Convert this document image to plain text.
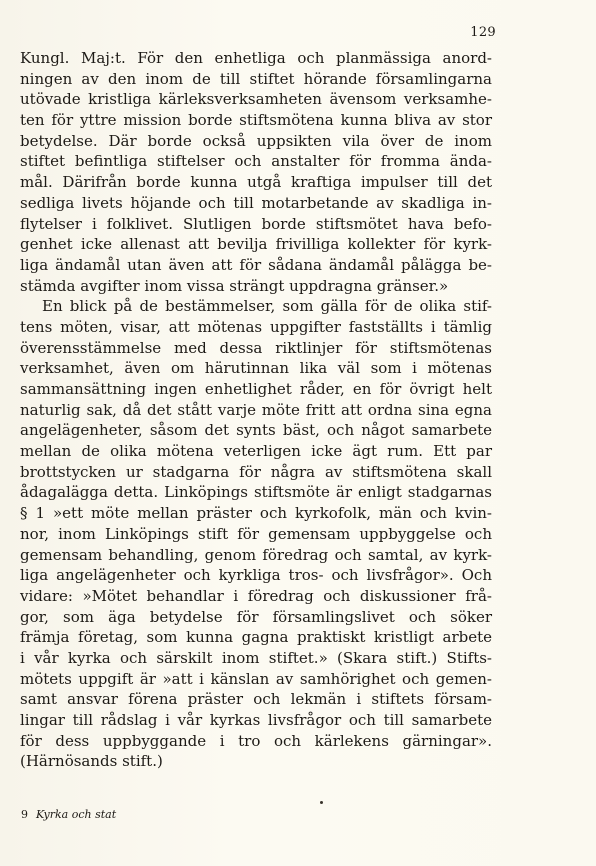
129
Kungl. Maj:t. För den enhetliga och planmässiga anord-
ningen av den inom de till stiftet hörande församlingarna
utövade kristliga kärleksverksamheten ävensom verksamhe-
ten för yttre mission borde stiftsmötena kunna bliva av stor
betydelse. Där borde också uppsikten vila över de inom
stiftet befintliga stiftelser och anstalter för fromma ända-
mål. Därifrån borde kunna utgå kraftiga impulser till det
sedliga livets höjande och till motarbetande av skadliga in-
flytelser i folklivet. Slutligen borde stiftsmötet hava befo-
genhet icke allenast att bevilja frivilliga kollekter för kyrk-
liga ändamål utan även att för sådana ändamål pålägga be-
stämda avgifter inom vissa strängt uppdragna gränser.»
En blick på de bestämmelser, som gälla för de olika stif-
tens möten, visar, att mötenas uppgifter fastställts i tämlig
överensstämmelse med dessa riktlinjer för stiftsmötenas
verksamhet, även om härutinnan lika väl som i mötenas
sammansättning ingen enhetlighet råder, en för övrigt helt
naturlig sak, då det stått varje möte fritt att ordna sina egna
angelägenheter, såsom det synts bäst, och något samarbete
mellan de olika mötena veterligen icke ägt rum. Ett par
brottstycken ur stadgarna för några av stiftsmötena skall
ådagalägga detta. Linköpings stiftsmöte är enligt stadgarnas
§ 1 »ett möte mellan präster och kyrkofolk, män och kvin-
nor, inom Linköpings stift för gemensam uppbyggelse och
gemensam behandling, genom föredrag och samtal, av kyrk-
liga angelägenheter och kyrkliga tros- och livsfrågor». Och
vidare: »Mötet behandlar i föredrag och diskussioner frå-
gor, som äga betydelse för församlingslivet och söker
främja företag, som kunna gagna praktiskt kristligt arbete
i vår kyrka och särskilt inom stiftet.» (Skara stift.) Stifts-
mötets uppgift är »att i känslan av samhörighet och gemen-
samt ansvar förena präster och lekmän i stiftets försam-
lingar till rådslag i vår kyrkas livsfrågor och till samarbete
för dess uppbyggande i tro och kärlekens gärningar».
(Härnösands stift.)
9 Kyrka och stat
